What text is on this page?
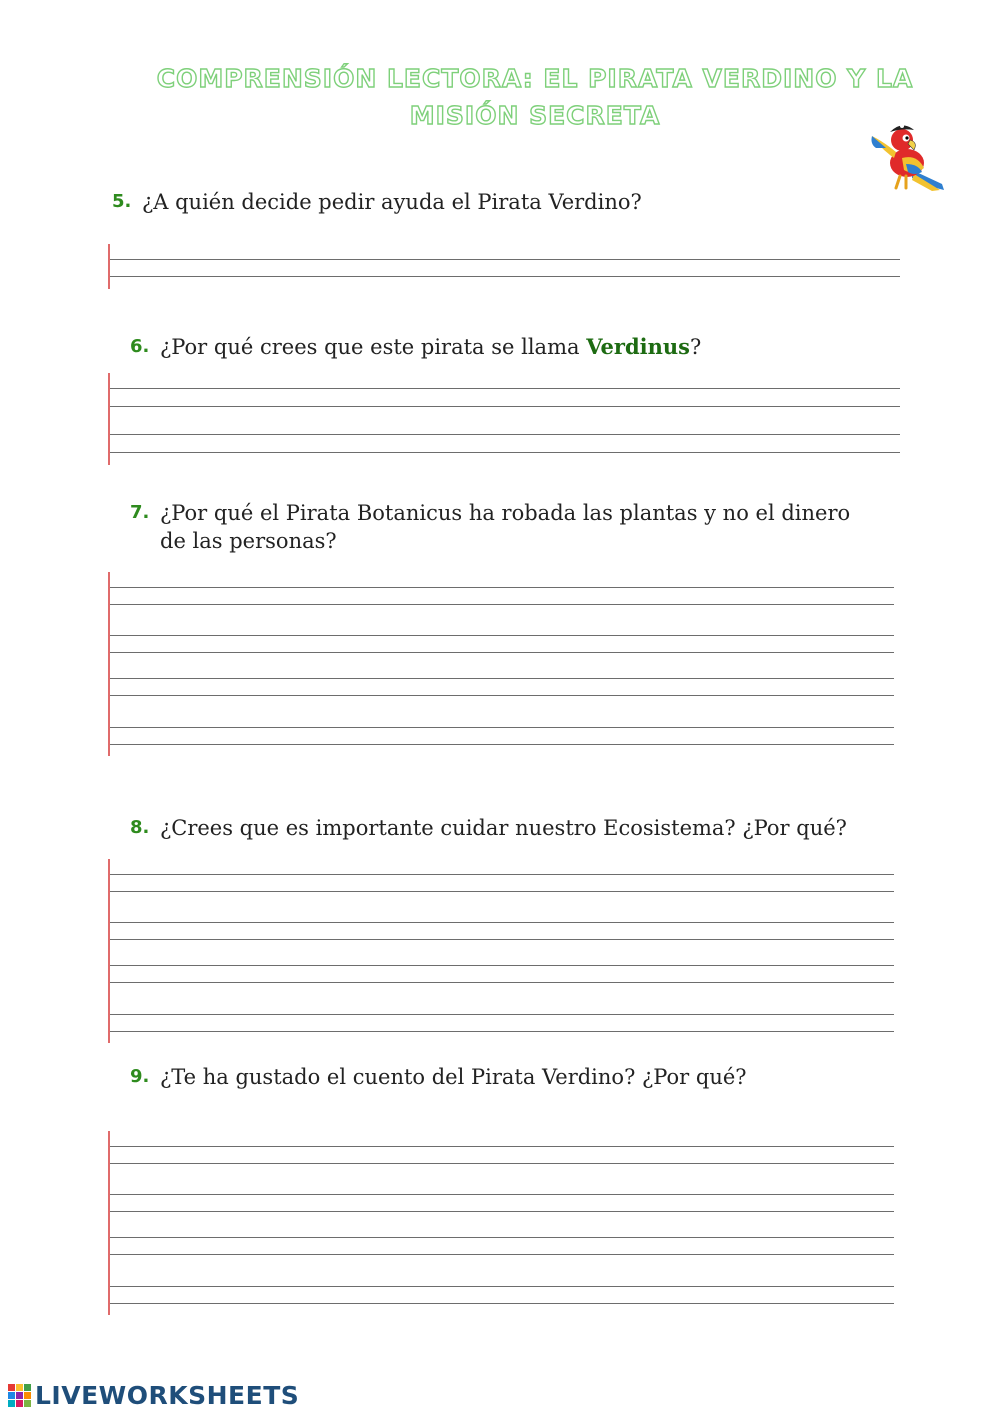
COMPRENSIÓN LECTORA: EL PIRATA VERDINO Y LA MISIÓN SECRETA

5. ¿A quién decide pedir ayuda el Pirata Verdino?

6. ¿Por qué crees que este pirata se llama Verdinus?

7. ¿Por qué el Pirata Botanicus ha robada las plantas y no el dinero de las personas?

8. ¿Crees que es importante cuidar nuestro Ecosistema? ¿Por qué?

9. ¿Te ha gustado el cuento del Pirata Verdino? ¿Por qué?

LIVEWORKSHEETS
